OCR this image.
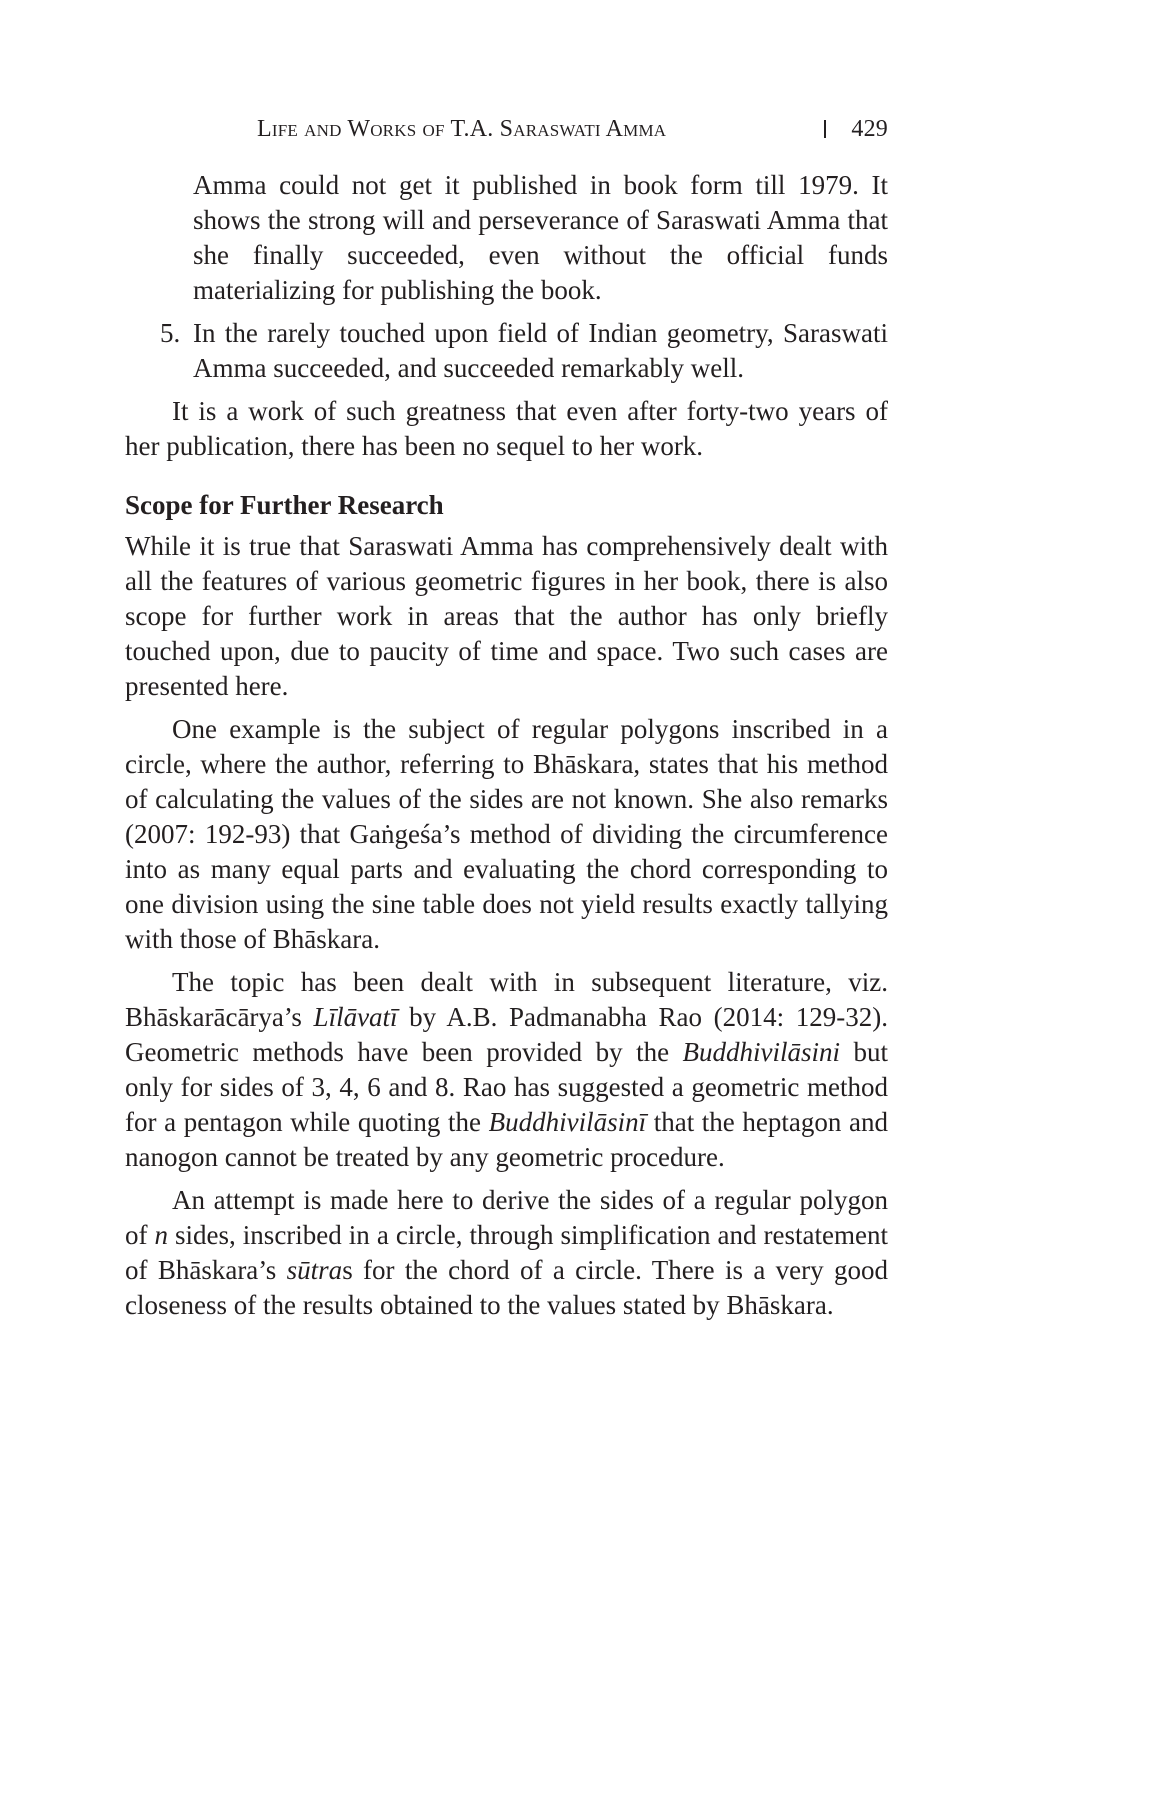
Life and Works of T.A. Saraswati Amma	429

Amma could not get it published in book form till 1979. It shows the strong will and perseverance of Saraswati Amma that she finally succeeded, even without the official funds materializing for publishing the book.

5. In the rarely touched upon field of Indian geometry, Saraswati Amma succeeded, and succeeded remarkably well.

It is a work of such greatness that even after forty-two years of her publication, there has been no sequel to her work.

Scope for Further Research

While it is true that Saraswati Amma has comprehensively dealt with all the features of various geometric figures in her book, there is also scope for further work in areas that the author has only briefly touched upon, due to paucity of time and space. Two such cases are presented here.

One example is the subject of regular polygons inscribed in a circle, where the author, referring to Bhāskara, states that his method of calculating the values of the sides are not known. She also remarks (2007: 192-93) that Gaṅgeśa’s method of dividing the circumference into as many equal parts and evaluating the chord corresponding to one division using the sine table does not yield results exactly tallying with those of Bhāskara.

The topic has been dealt with in subsequent literature, viz. Bhāskarācārya’s Līlāvatī by A.B. Padmanabha Rao (2014: 129-32). Geometric methods have been provided by the Buddhivilāsini but only for sides of 3, 4, 6 and 8. Rao has suggested a geometric method for a pentagon while quoting the Buddhivilāsinī that the heptagon and nanogon cannot be treated by any geometric procedure.

An attempt is made here to derive the sides of a regular polygon of n sides, inscribed in a circle, through simplification and restatement of Bhāskara’s sūtras for the chord of a circle. There is a very good closeness of the results obtained to the values stated by Bhāskara.
